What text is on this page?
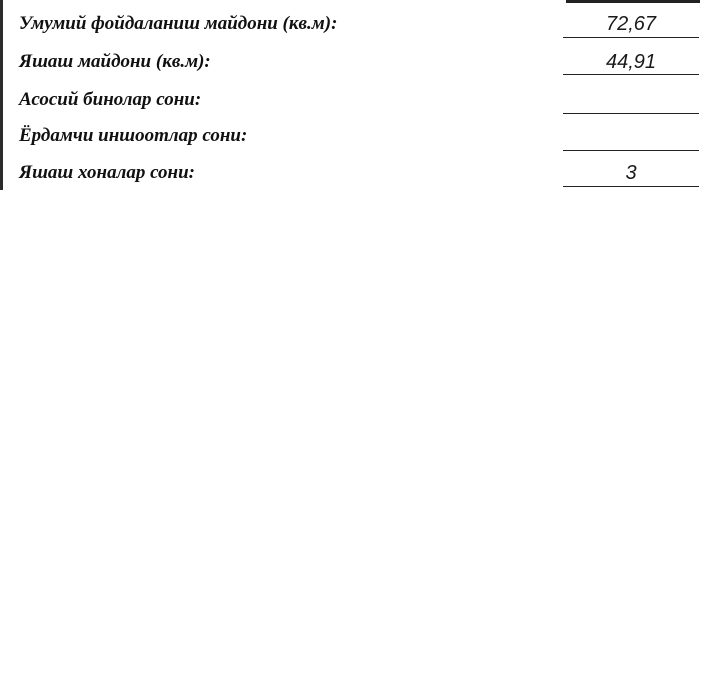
Умумий фойдаланиш майдони (кв.м):	72,67
Яшаш майдони (кв.м):	44,91
Асосий бинолар сони:
Ёрдамчи иншоотлар сони:
Яшаш хоналар сони:	3
